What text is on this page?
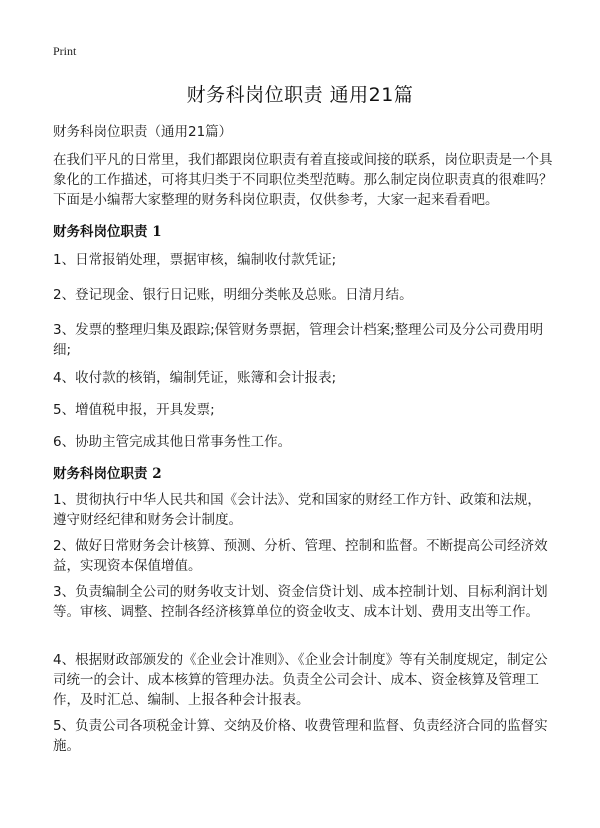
Print
财务科岗位职责 通用21篇
财务科岗位职责（通用21篇）
在我们平凡的日常里，我们都跟岗位职责有着直接或间接的联系，岗位职责是一个具象化的工作描述，可将其归类于不同职位类型范畴。那么制定岗位职责真的很难吗？下面是小编帮大家整理的财务科岗位职责，仅供参考，大家一起来看看吧。
财务科岗位职责 1
1、日常报销处理，票据审核，编制收付款凭证;
2、登记现金、银行日记账，明细分类帐及总账。日清月结。
3、发票的整理归集及跟踪;保管财务票据，管理会计档案;整理公司及分公司费用明细;
4、收付款的核销，编制凭证，账簿和会计报表;
5、增值税申报，开具发票;
6、协助主管完成其他日常事务性工作。
财务科岗位职责 2
1、贯彻执行中华人民共和国《会计法》、党和国家的财经工作方针、政策和法规，遵守财经纪律和财务会计制度。
2、做好日常财务会计核算、预测、分析、管理、控制和监督。不断提高公司经济效益，实现资本保值增值。
3、负责编制全公司的财务收支计划、资金信贷计划、成本控制计划、目标利润计划等。审核、调整、控制各经济核算单位的资金收支、成本计划、费用支出等工作。
4、根据财政部颁发的《企业会计准则》、《企业会计制度》等有关制度规定，制定公司统一的会计、成本核算的管理办法。负责全公司会计、成本、资金核算及管理工作，及时汇总、编制、上报各种会计报表。
5、负责公司各项税金计算、交纳及价格、收费管理和监督、负责经济合同的监督实施。
